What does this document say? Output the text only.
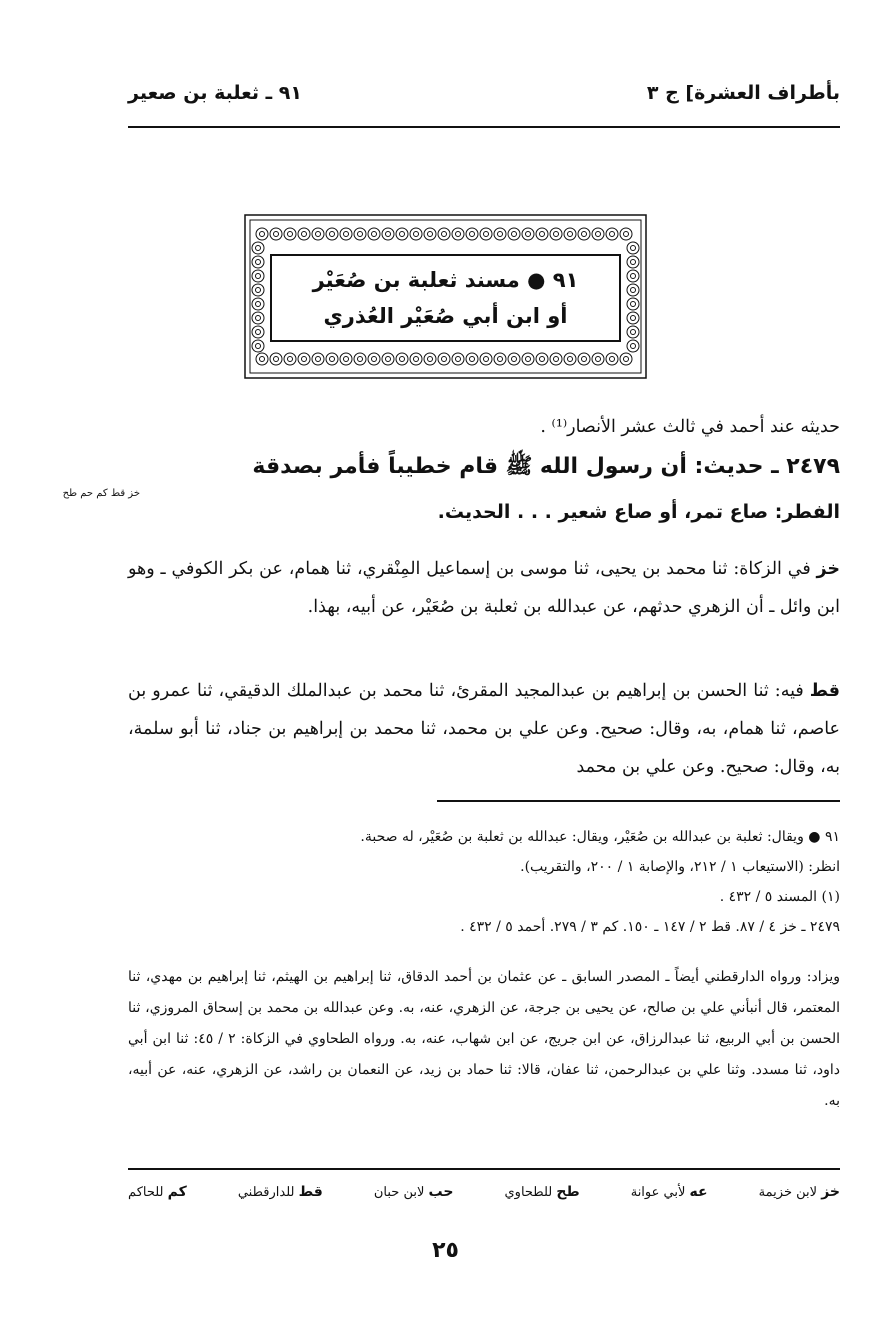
بأطراف العشرة] ج ٣
٩١ ـ ثعلبة بن صعير
٩١ ● مسند ثعلبة بن صُعَيْر
أو ابن أبي صُعَيْر العُذري
حديثه عند أحمد في ثالث عشر الأنصار⁽¹⁾ .
٢٤٧٩ ـ حديث: أن رسول الله ﷺ قام خطيباً فأمر بصدقة
الفطر: صاع تمر، أو صاع شعير . . . الحديث.
خز قط كم حم طح
خز في الزكاة: ثنا محمد بن يحيى، ثنا موسى بن إسماعيل المِنْقري، ثنا همام، عن بكر الكوفي ـ وهو ابن وائل ـ أن الزهري حدثهم، عن عبدالله بن ثعلبة بن صُعَيْر، عن أبيه، بهذا.
قط فيه: ثنا الحسن بن إبراهيم بن عبدالمجيد المقرئ، ثنا محمد بن عبدالملك الدقيقي، ثنا عمرو بن عاصم، ثنا همام، به، وقال: صحيح. وعن علي بن محمد، ثنا محمد بن إبراهيم بن جناد، ثنا أبو سلمة، به، وقال: صحيح. وعن علي بن محمد
٩١ ● ويقال: ثعلبة بن عبدالله بن صُعَيْر، ويقال: عبدالله بن ثعلبة بن صُعَيْر، له صحبة.
انظر: (الاستيعاب ١ / ٢١٢، والإصابة ١ / ٢٠٠، والتقريب).
(١) المسند ٥ / ٤٣٢ .
٢٤٧٩ ـ خز ٤ / ٨٧. قط ٢ / ١٤٧ ـ ١٥٠. كم ٣ / ٢٧٩. أحمد ٥ / ٤٣٢ .
ويزاد: ورواه الدارقطني أيضاً ـ المصدر السابق ـ عن عثمان بن أحمد الدقاق، ثنا إبراهيم بن الهيثم، ثنا إبراهيم بن مهدي، ثنا المعتمر، قال أنبأني علي بن صالح، عن يحيى بن جرجة، عن الزهري، عنه، به. وعن عبدالله بن محمد بن إسحاق المروزي، ثنا الحسن بن أبي الربيع، ثنا عبدالرزاق، عن ابن جريج، عن ابن شهاب، عنه، به. ورواه الطحاوي في الزكاة: ٢ / ٤٥: ثنا ابن أبي داود، ثنا مسدد. وثنا علي بن عبدالرحمن، ثنا عفان، قالا: ثنا حماد بن زيد، عن النعمان بن راشد، عن الزهري، عنه، عن أبيه، به.
خز لابن خزيمة
عه لأبي عوانة
طح للطحاوي
حب لابن حبان
قط للدارقطني
كم للحاكم
٢٥
